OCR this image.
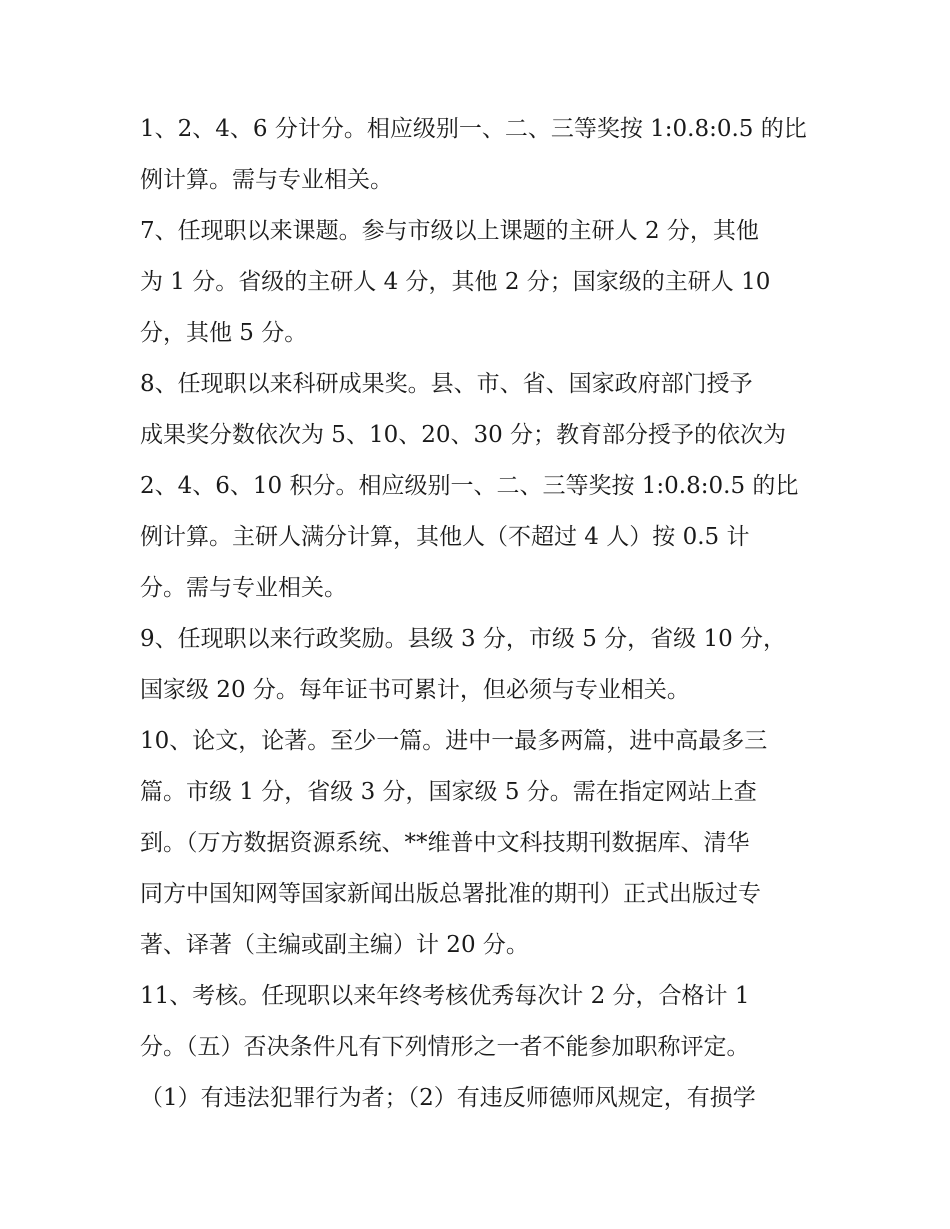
1、2、4、6 分计分。相应级别一、二、三等奖按 1:0.8:0.5 的比
例计算。需与专业相关。
7、任现职以来课题。参与市级以上课题的主研人 2 分，其他
为 1 分。省级的主研人 4 分，其他 2 分；国家级的主研人 10
分，其他 5 分。
8、任现职以来科研成果奖。县、市、省、国家政府部门授予
成果奖分数依次为 5、10、20、30 分；教育部分授予的依次为
2、4、6、10 积分。相应级别一、二、三等奖按 1:0.8:0.5 的比
例计算。主研人满分计算，其他人（不超过 4 人）按 0.5 计
分。需与专业相关。
9、任现职以来行政奖励。县级 3 分，市级 5 分，省级 10 分，
国家级 20 分。每年证书可累计，但必须与专业相关。
10、论文，论著。至少一篇。进中一最多两篇，进中高最多三
篇。市级 1 分，省级 3 分，国家级 5 分。需在指定网站上查
到。（万方数据资源系统、**维普中文科技期刊数据库、清华
同方中国知网等国家新闻出版总署批准的期刊）正式出版过专
著、译著（主编或副主编）计 20 分。
11、考核。任现职以来年终考核优秀每次计 2 分，合格计 1
分。（五）否决条件凡有下列情形之一者不能参加职称评定。
（1）有违法犯罪行为者；（2）有违反师德师风规定，有损学
